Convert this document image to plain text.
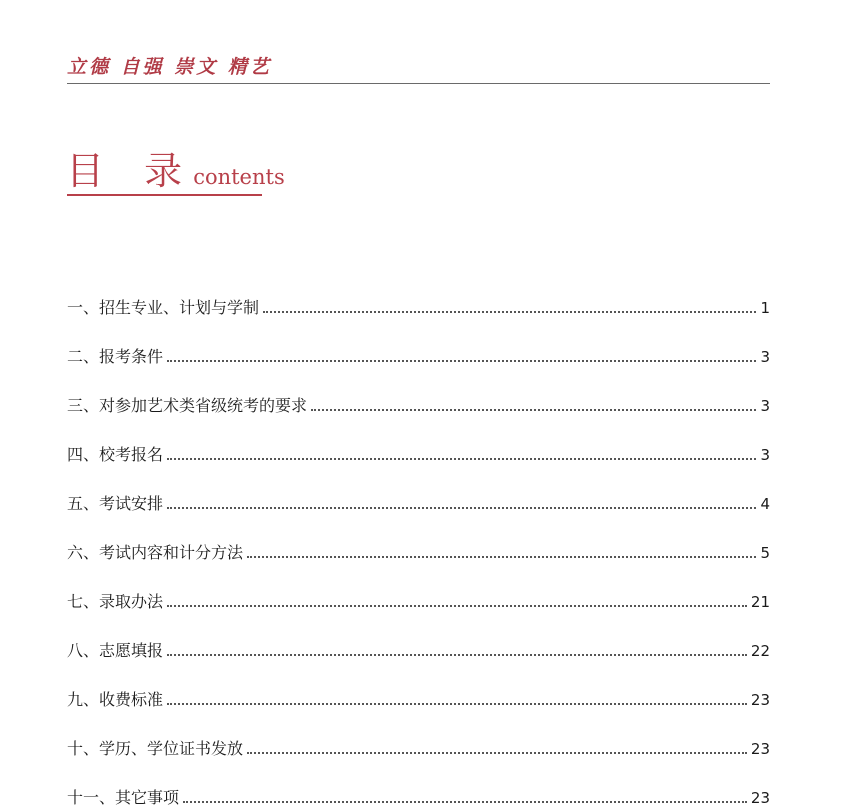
立德 自强 崇文 精艺
目 录 contents
一、招生专业、计划与学制	1
二、报考条件	3
三、对参加艺术类省级统考的要求	3
四、校考报名	3
五、考试安排	4
六、考试内容和计分方法	5
七、录取办法	21
八、志愿填报	22
九、收费标准	23
十、学历、学位证书发放	23
十一、其它事项	23
